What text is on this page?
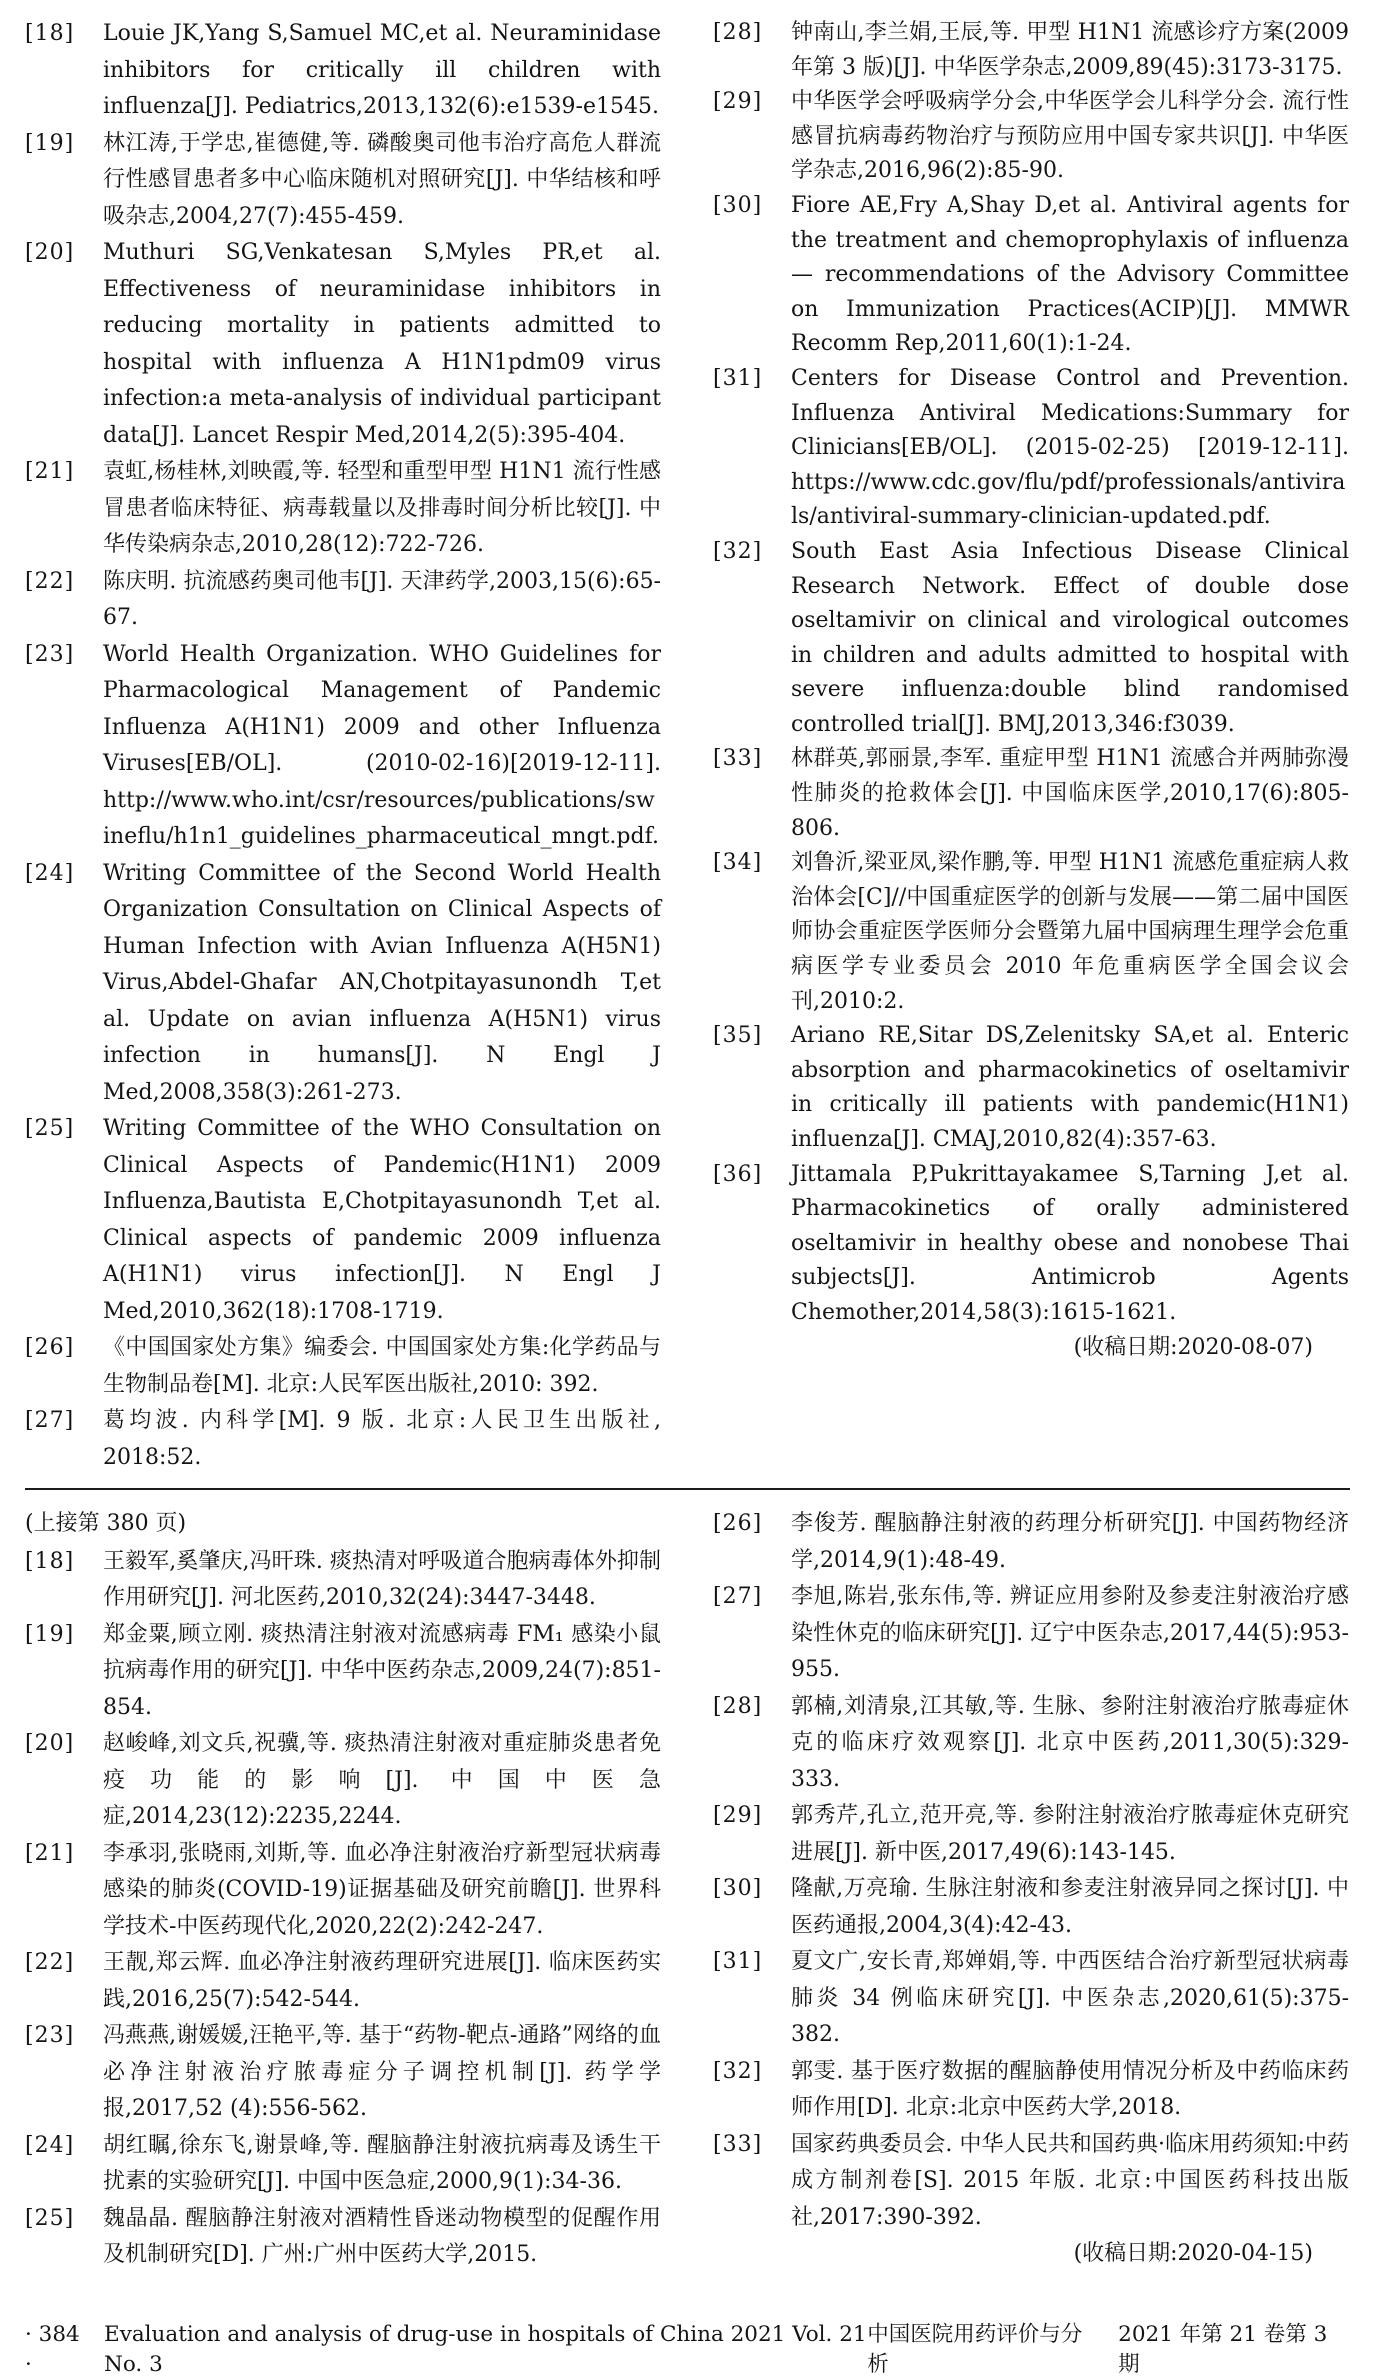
[18]	Louie JK,Yang S,Samuel MC,et al. Neuraminidase inhibitors for critically ill children with influenza[J]. Pediatrics,2013,132(6):e1539-e1545.
[19]	林江涛,于学忠,崔德健,等. 磷酸奥司他韦治疗高危人群流行性感冒患者多中心临床随机对照研究[J]. 中华结核和呼吸杂志,2004,27(7):455-459.
[20]	Muthuri SG,Venkatesan S,Myles PR,et al. Effectiveness of neuraminidase inhibitors in reducing mortality in patients admitted to hospital with influenza A H1N1pdm09 virus infection:a meta-analysis of individual participant data[J]. Lancet Respir Med,2014,2(5):395-404.
[21]	袁虹,杨桂林,刘映霞,等. 轻型和重型甲型 H1N1 流行性感冒患者临床特征、病毒载量以及排毒时间分析比较[J]. 中华传染病杂志,2010,28(12):722-726.
[22]	陈庆明. 抗流感药奥司他韦[J]. 天津药学,2003,15(6):65-67.
[23]	World Health Organization. WHO Guidelines for Pharmacological Management of Pandemic Influenza A(H1N1) 2009 and other Influenza Viruses[EB/OL]. (2010-02-16)[2019-12-11]. http://www.who.int/csr/resources/publications/swineflu/h1n1_guidelines_pharmaceutical_mngt.pdf.
[24]	Writing Committee of the Second World Health Organization Consultation on Clinical Aspects of Human Infection with Avian Influenza A(H5N1) Virus,Abdel-Ghafar AN,Chotpitayasunondh T,et al. Update on avian influenza A(H5N1) virus infection in humans[J]. N Engl J Med,2008,358(3):261-273.
[25]	Writing Committee of the WHO Consultation on Clinical Aspects of Pandemic(H1N1) 2009 Influenza,Bautista E,Chotpitayasunondh T,et al. Clinical aspects of pandemic 2009 influenza A(H1N1) virus infection[J]. N Engl J Med,2010,362(18):1708-1719.
[26]	《中国国家处方集》编委会. 中国国家处方集:化学药品与生物制品卷[M]. 北京:人民军医出版社,2010: 392.
[27]	葛均波. 内科学[M]. 9 版. 北京:人民卫生出版社, 2018:52.
[28]	钟南山,李兰娟,王辰,等. 甲型 H1N1 流感诊疗方案(2009 年第 3 版)[J]. 中华医学杂志,2009,89(45):3173-3175.
[29]	中华医学会呼吸病学分会,中华医学会儿科学分会. 流行性感冒抗病毒药物治疗与预防应用中国专家共识[J]. 中华医学杂志,2016,96(2):85-90.
[30]	Fiore AE,Fry A,Shay D,et al. Antiviral agents for the treatment and chemoprophylaxis of influenza — recommendations of the Advisory Committee on Immunization Practices(ACIP)[J]. MMWR Recomm Rep,2011,60(1):1-24.
[31]	Centers for Disease Control and Prevention. Influenza Antiviral Medications:Summary for Clinicians[EB/OL]. (2015-02-25) [2019-12-11]. https://www.cdc.gov/flu/pdf/professionals/antivirals/antiviral-summary-clinician-updated.pdf.
[32]	South East Asia Infectious Disease Clinical Research Network. Effect of double dose oseltamivir on clinical and virological outcomes in children and adults admitted to hospital with severe influenza:double blind randomised controlled trial[J]. BMJ,2013,346:f3039.
[33]	林群英,郭丽景,李军. 重症甲型 H1N1 流感合并两肺弥漫性肺炎的抢救体会[J]. 中国临床医学,2010,17(6):805-806.
[34]	刘鲁沂,梁亚凤,梁作鹏,等. 甲型 H1N1 流感危重症病人救治体会[C]//中国重症医学的创新与发展——第二届中国医师协会重症医学医师分会暨第九届中国病理生理学会危重病医学专业委员会 2010 年危重病医学全国会议会刊,2010:2.
[35]	Ariano RE,Sitar DS,Zelenitsky SA,et al. Enteric absorption and pharmacokinetics of oseltamivir in critically ill patients with pandemic(H1N1) influenza[J]. CMAJ,2010,82(4):357-63.
[36]	Jittamala P,Pukrittayakamee S,Tarning J,et al. Pharmacokinetics of orally administered oseltamivir in healthy obese and nonobese Thai subjects[J]. Antimicrob Agents Chemother,2014,58(3):1615-1621.
(收稿日期:2020-08-07)
(上接第 380 页)
[18]	王毅军,奚肇庆,冯旰珠. 痰热清对呼吸道合胞病毒体外抑制作用研究[J]. 河北医药,2010,32(24):3447-3448.
[19]	郑金粟,顾立刚. 痰热清注射液对流感病毒 FM₁ 感染小鼠抗病毒作用的研究[J]. 中华中医药杂志,2009,24(7):851-854.
[20]	赵峻峰,刘文兵,祝骥,等. 痰热清注射液对重症肺炎患者免疫功能的影响[J]. 中国中医急症,2014,23(12):2235,2244.
[21]	李承羽,张晓雨,刘斯,等. 血必净注射液治疗新型冠状病毒感染的肺炎(COVID-19)证据基础及研究前瞻[J]. 世界科学技术-中医药现代化,2020,22(2):242-247.
[22]	王靓,郑云辉. 血必净注射液药理研究进展[J]. 临床医药实践,2016,25(7):542-544.
[23]	冯燕燕,谢媛媛,汪艳平,等. 基于“药物-靶点-通路”网络的血必净注射液治疗脓毒症分子调控机制[J]. 药学学报,2017,52 (4):556-562.
[24]	胡红瞩,徐东飞,谢景峰,等. 醒脑静注射液抗病毒及诱生干扰素的实验研究[J]. 中国中医急症,2000,9(1):34-36.
[25]	魏晶晶. 醒脑静注射液对酒精性昏迷动物模型的促醒作用及机制研究[D]. 广州:广州中医药大学,2015.
[26]	李俊芳. 醒脑静注射液的药理分析研究[J]. 中国药物经济学,2014,9(1):48-49.
[27]	李旭,陈岩,张东伟,等. 辨证应用参附及参麦注射液治疗感染性休克的临床研究[J]. 辽宁中医杂志,2017,44(5):953-955.
[28]	郭楠,刘清泉,江其敏,等. 生脉、参附注射液治疗脓毒症休克的临床疗效观察[J]. 北京中医药,2011,30(5):329-333.
[29]	郭秀芹,孔立,范开亮,等. 参附注射液治疗脓毒症休克研究进展[J]. 新中医,2017,49(6):143-145.
[30]	隆献,万亮瑜. 生脉注射液和参麦注射液异同之探讨[J]. 中医药通报,2004,3(4):42-43.
[31]	夏文广,安长青,郑婵娟,等. 中西医结合治疗新型冠状病毒肺炎 34 例临床研究[J]. 中医杂志,2020,61(5):375-382.
[32]	郭雯. 基于医疗数据的醒脑静使用情况分析及中药临床药师作用[D]. 北京:北京中医药大学,2018.
[33]	国家药典委员会. 中华人民共和国药典·临床用药须知:中药成方制剂卷[S]. 2015 年版. 北京:中国医药科技出版社,2017:390-392.
(收稿日期:2020-04-15)
· 384 ·
Evaluation and analysis of drug-use in hospitals of China 2021 Vol. 21 No. 3
中国医院用药评价与分析
2021 年第 21 卷第 3 期
